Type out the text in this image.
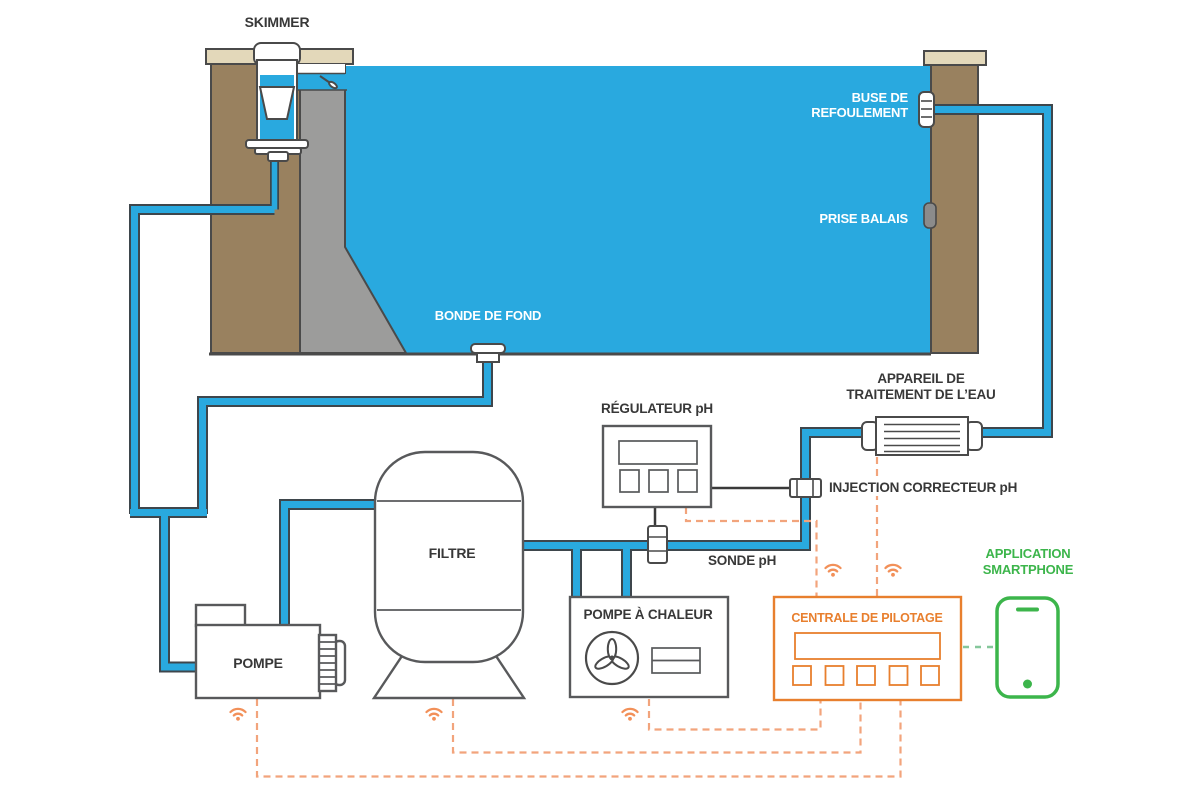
SKIMMER
BUSE DE
REFOULEMENT
PRISE BALAIS
BONDE DE FOND
RÉGULATEUR pH
APPAREIL DE
TRAITEMENT DE L’EAU
INJECTION CORRECTEUR pH
SONDE pH
FILTRE
POMPE
POMPE À CHALEUR	CENTRALE DE PILOTAGE
APPLICATION
SMARTPHONE
